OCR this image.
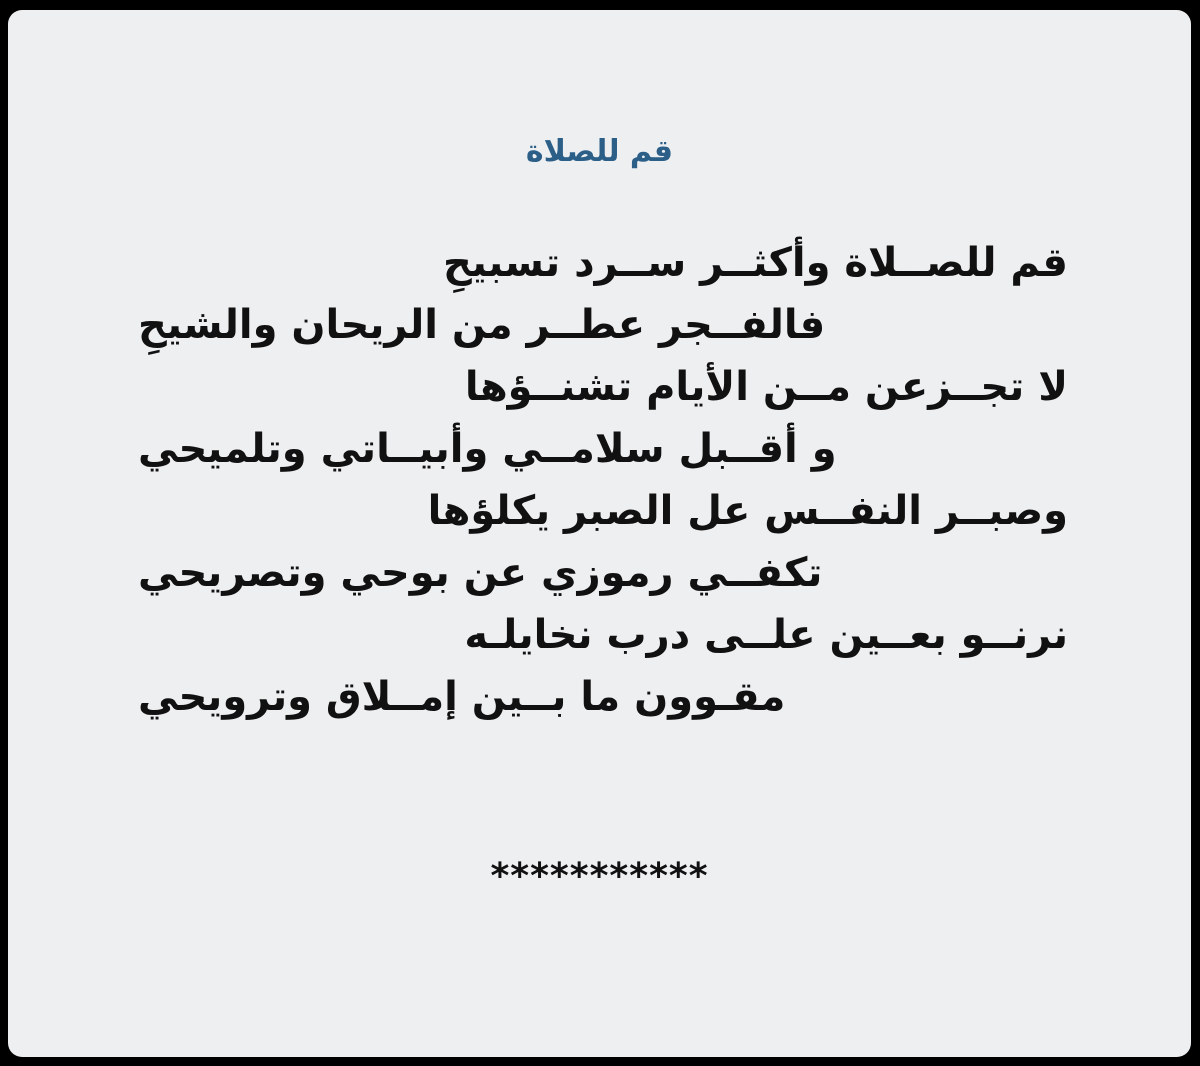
قم للصلاة
قم للصــلاة وأكثــر ســرد تسبيحِ
فالفــجر عطــر من الريحان والشيحِ
لا تجــزعن مــن الأيام تشنــؤها
و أقــبل سلامــي وأبيــاتي وتلميحي
وصبــر النفــس عل الصبر يكلؤها
تكفــي رموزي عن بوحي وتصريحي
نرنــو بعــين علــى درب نخايلـه
مقـوون ما بــين إمــلاق وترويحي
***********
